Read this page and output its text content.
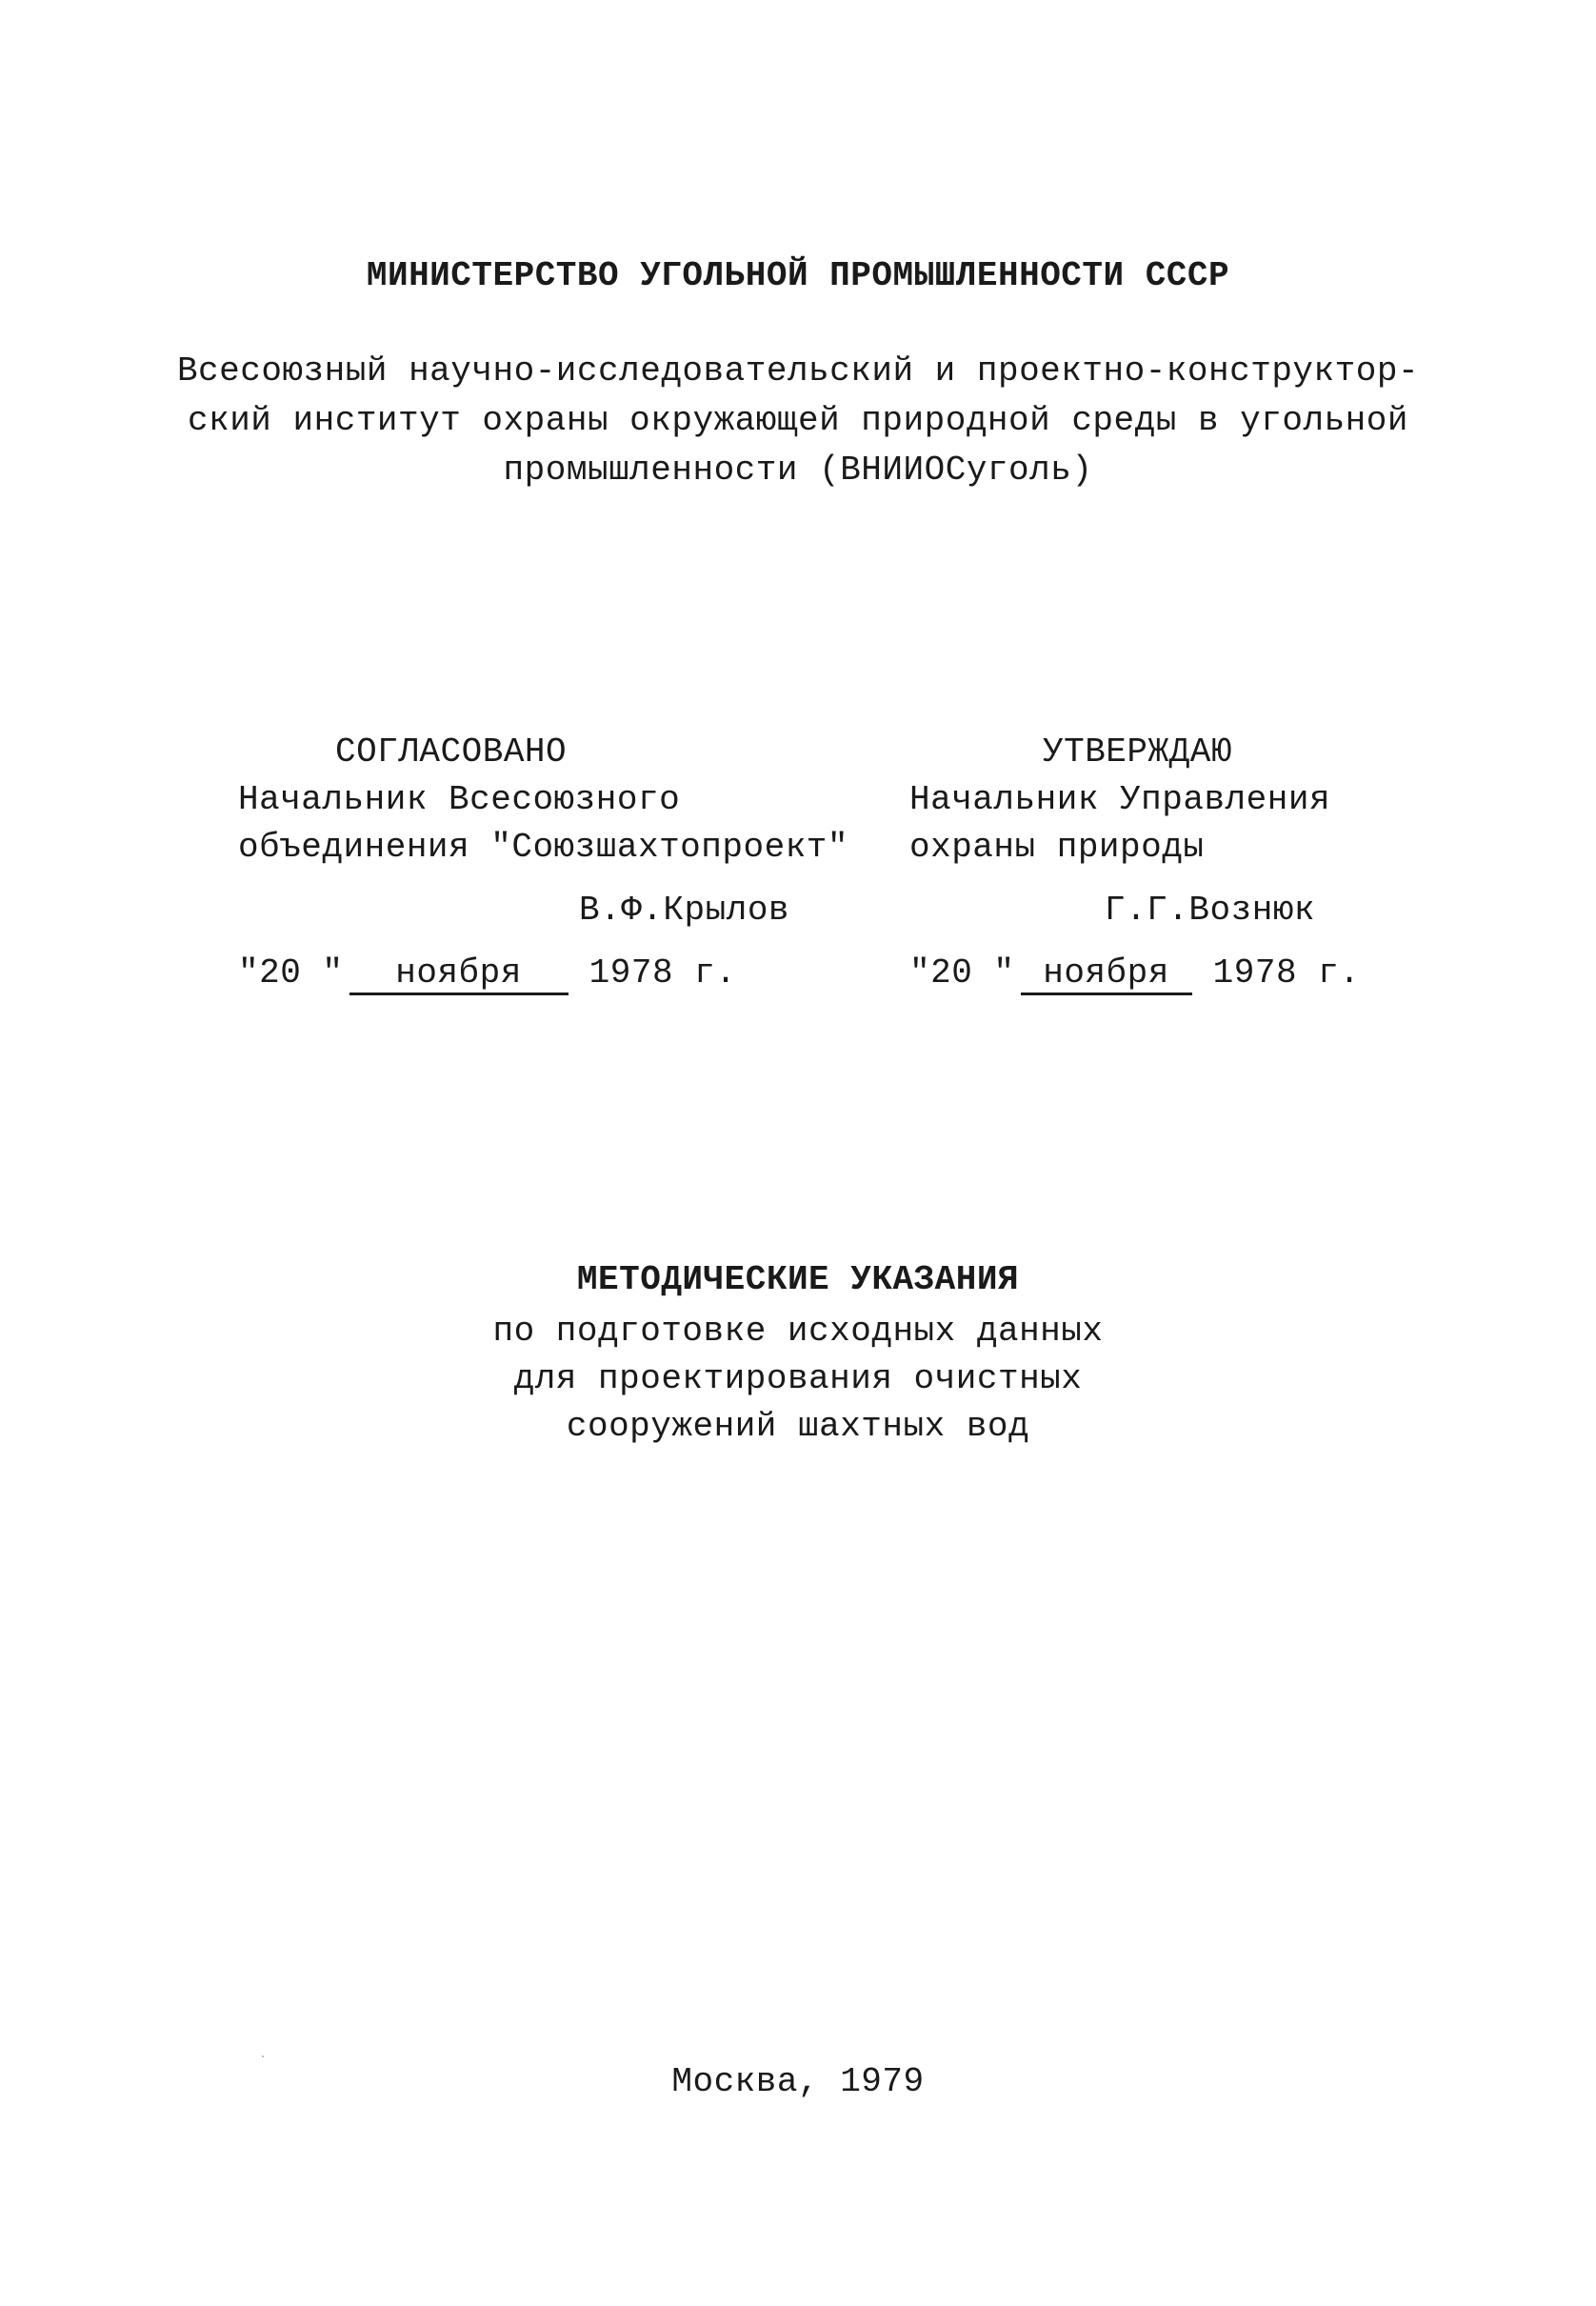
МИНИСТЕРСТВО УГОЛЬНОЙ ПРОМЫШЛЕННОСТИ СССР
Всесоюзный научно-исследовательский и проектно-конструктор-
ский институт охраны окружающей природной среды в угольной
промышленности (ВНИИОСуголь)
СОГЛАСОВАНО
Начальник Всесоюзного
объединения "Союзшахтопроект"
В.Ф.Крылов
"20 " ноября 1978 г.
УТВЕРЖДАЮ
Начальник Управления
охраны природы
Г.Г.Вознюк
"20 " ноября 1978 г.
МЕТОДИЧЕСКИЕ УКАЗАНИЯ
по подготовке исходных данных
для проектирования очистных
сооружений шахтных вод
Москва, 1979
